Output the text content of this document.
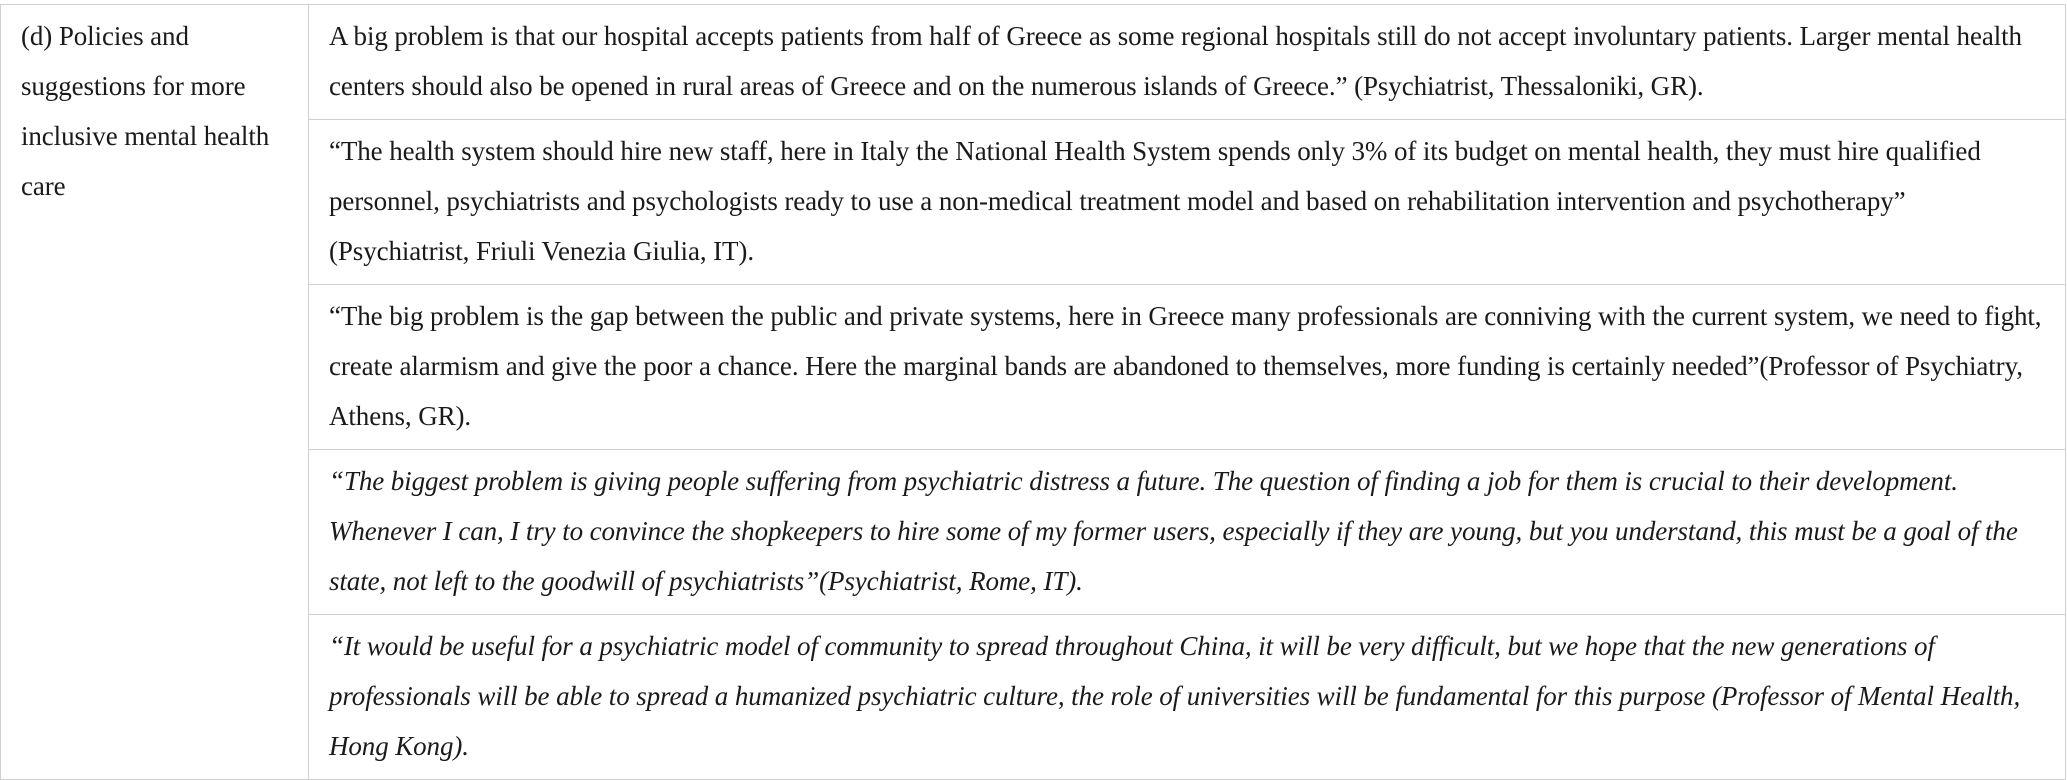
(d) Policies and suggestions for more inclusive mental health care	A big problem is that our hospital accepts patients from half of Greece as some regional hospitals still do not accept involuntary patients. Larger mental health centers should also be opened in rural areas of Greece and on the numerous islands of Greece.” (Psychiatrist, Thessaloniki, GR).
“The health system should hire new staff, here in Italy the National Health System spends only 3% of its budget on mental health, they must hire qualified personnel, psychiatrists and psychologists ready to use a non-medical treatment model and based on rehabilitation intervention and psychotherapy” (Psychiatrist, Friuli Venezia Giulia, IT).
“The big problem is the gap between the public and private systems, here in Greece many professionals are conniving with the current system, we need to fight, create alarmism and give the poor a chance. Here the marginal bands are abandoned to themselves, more funding is certainly needed”(Professor of Psychiatry, Athens, GR).
“The biggest problem is giving people suffering from psychiatric distress a future. The question of finding a job for them is crucial to their development. Whenever I can, I try to convince the shopkeepers to hire some of my former users, especially if they are young, but you understand, this must be a goal of the state, not left to the goodwill of psychiatrists”(Psychiatrist, Rome, IT).
“It would be useful for a psychiatric model of community to spread throughout China, it will be very difficult, but we hope that the new generations of professionals will be able to spread a humanized psychiatric culture, the role of universities will be fundamental for this purpose (Professor of Mental Health, Hong Kong).
